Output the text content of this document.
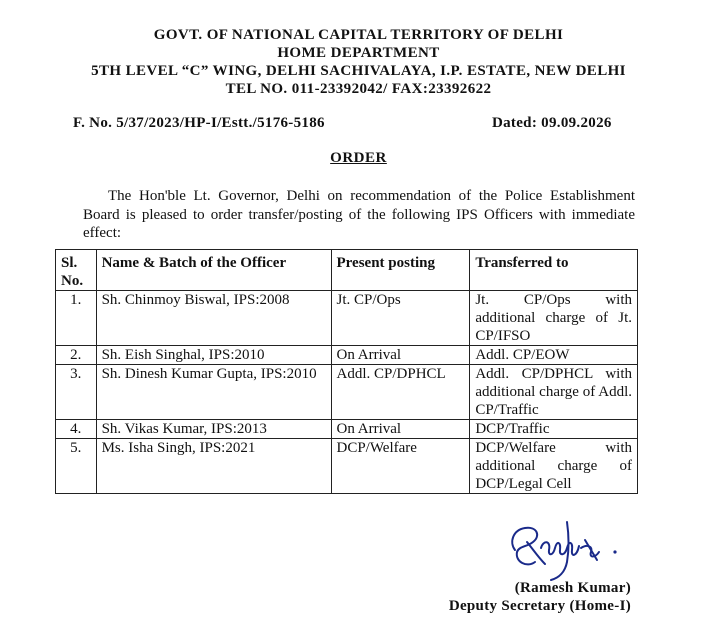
GOVT. OF NATIONAL CAPITAL TERRITORY OF DELHI
HOME DEPARTMENT
5TH LEVEL “C” WING, DELHI SACHIVALAYA, I.P. ESTATE, NEW DELHI
TEL NO. 011-23392042/ FAX:23392622
F. No. 5/37/2023/HP-I/Estt./5176-5186	Dated: 09.09.2026
ORDER
The Hon'ble Lt. Governor, Delhi on recommendation of the Police Establishment Board is pleased to order transfer/posting of the following IPS Officers with immediate effect:
Sl. No.	Name & Batch of the Officer	Present posting	Transferred to
1.	Sh. Chinmoy Biswal, IPS:2008	Jt. CP/Ops	Jt. CP/Ops with additional charge of Jt. CP/IFSO
2.	Sh. Eish Singhal, IPS:2010	On Arrival	Addl. CP/EOW
3.	Sh. Dinesh Kumar Gupta, IPS:2010	Addl. CP/DPHCL	Addl. CP/DPHCL with additional charge of Addl. CP/Traffic
4.	Sh. Vikas Kumar, IPS:2013	On Arrival	DCP/Traffic
5.	Ms. Isha Singh, IPS:2021	DCP/Welfare	DCP/Welfare with additional charge of DCP/Legal Cell
(Ramesh Kumar)
Deputy Secretary (Home-I)
